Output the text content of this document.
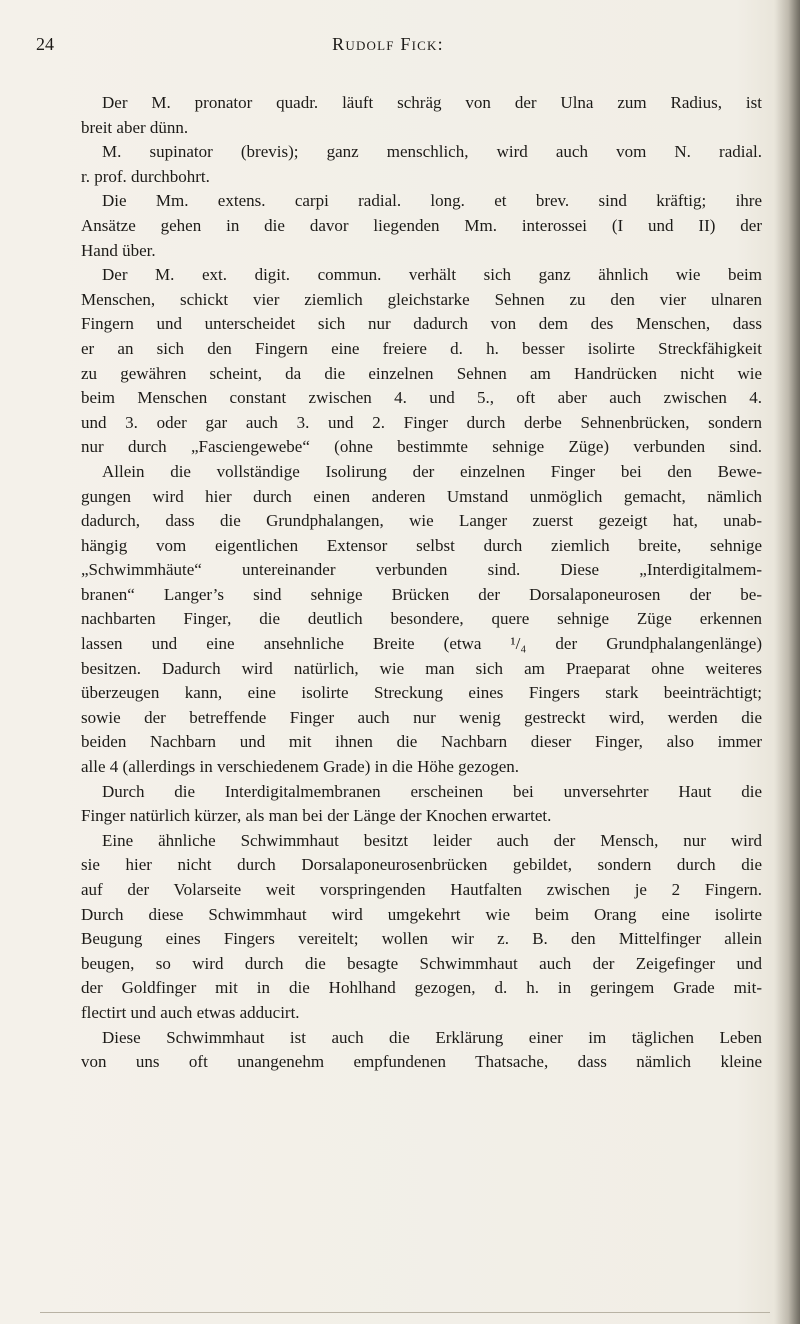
24	Rudolf Fick:
Der M. pronator quadr. läuft schräg von der Ulna zum Radius, ist
breit aber dünn.
M. supinator (brevis); ganz menschlich, wird auch vom N. radial.
r. prof. durchbohrt.
Die Mm. extens. carpi radial. long. et brev. sind kräftig; ihre
Ansätze gehen in die davor liegenden Mm. interossei (I und II) der
Hand über.
Der M. ext. digit. commun. verhält sich ganz ähnlich wie beim
Menschen, schickt vier ziemlich gleichstarke Sehnen zu den vier ulnaren
Fingern und unterscheidet sich nur dadurch von dem des Menschen, dass
er an sich den Fingern eine freiere d. h. besser isolirte Streckfähigkeit
zu gewähren scheint, da die einzelnen Sehnen am Handrücken nicht wie
beim Menschen constant zwischen 4. und 5., oft aber auch zwischen 4.
und 3. oder gar auch 3. und 2. Finger durch derbe Sehnenbrücken, sondern
nur durch „Fasciengewebe“ (ohne bestimmte sehnige Züge) verbunden sind.
Allein die vollständige Isolirung der einzelnen Finger bei den Bewe-
gungen wird hier durch einen anderen Umstand unmöglich gemacht, nämlich
dadurch, dass die Grundphalangen, wie Langer zuerst gezeigt hat, unab-
hängig vom eigentlichen Extensor selbst durch ziemlich breite, sehnige
„Schwimmhäute“ untereinander verbunden sind. Diese „Interdigitalmem-
branen“ Langer’s sind sehnige Brücken der Dorsalaponeurosen der be-
nachbarten Finger, die deutlich besondere, quere sehnige Züge erkennen
lassen und eine ansehnliche Breite (etwa ¹/₄ der Grundphalangenlänge)
besitzen. Dadurch wird natürlich, wie man sich am Praeparat ohne weiteres
überzeugen kann, eine isolirte Streckung eines Fingers stark beeinträchtigt;
sowie der betreffende Finger auch nur wenig gestreckt wird, werden die
beiden Nachbarn und mit ihnen die Nachbarn dieser Finger, also immer
alle 4 (allerdings in verschiedenem Grade) in die Höhe gezogen.
Durch die Interdigitalmembranen erscheinen bei unversehrter Haut die
Finger natürlich kürzer, als man bei der Länge der Knochen erwartet.
Eine ähnliche Schwimmhaut besitzt leider auch der Mensch, nur wird
sie hier nicht durch Dorsalaponeurosenbrücken gebildet, sondern durch die
auf der Volarseite weit vorspringenden Hautfalten zwischen je 2 Fingern.
Durch diese Schwimmhaut wird umgekehrt wie beim Orang eine isolirte
Beugung eines Fingers vereitelt; wollen wir z. B. den Mittelfinger allein
beugen, so wird durch die besagte Schwimmhaut auch der Zeigefinger und
der Goldfinger mit in die Hohlhand gezogen, d. h. in geringem Grade mit-
flectirt und auch etwas adducirt.
Diese Schwimmhaut ist auch die Erklärung einer im täglichen Leben
von uns oft unangenehm empfundenen Thatsache, dass nämlich kleine
